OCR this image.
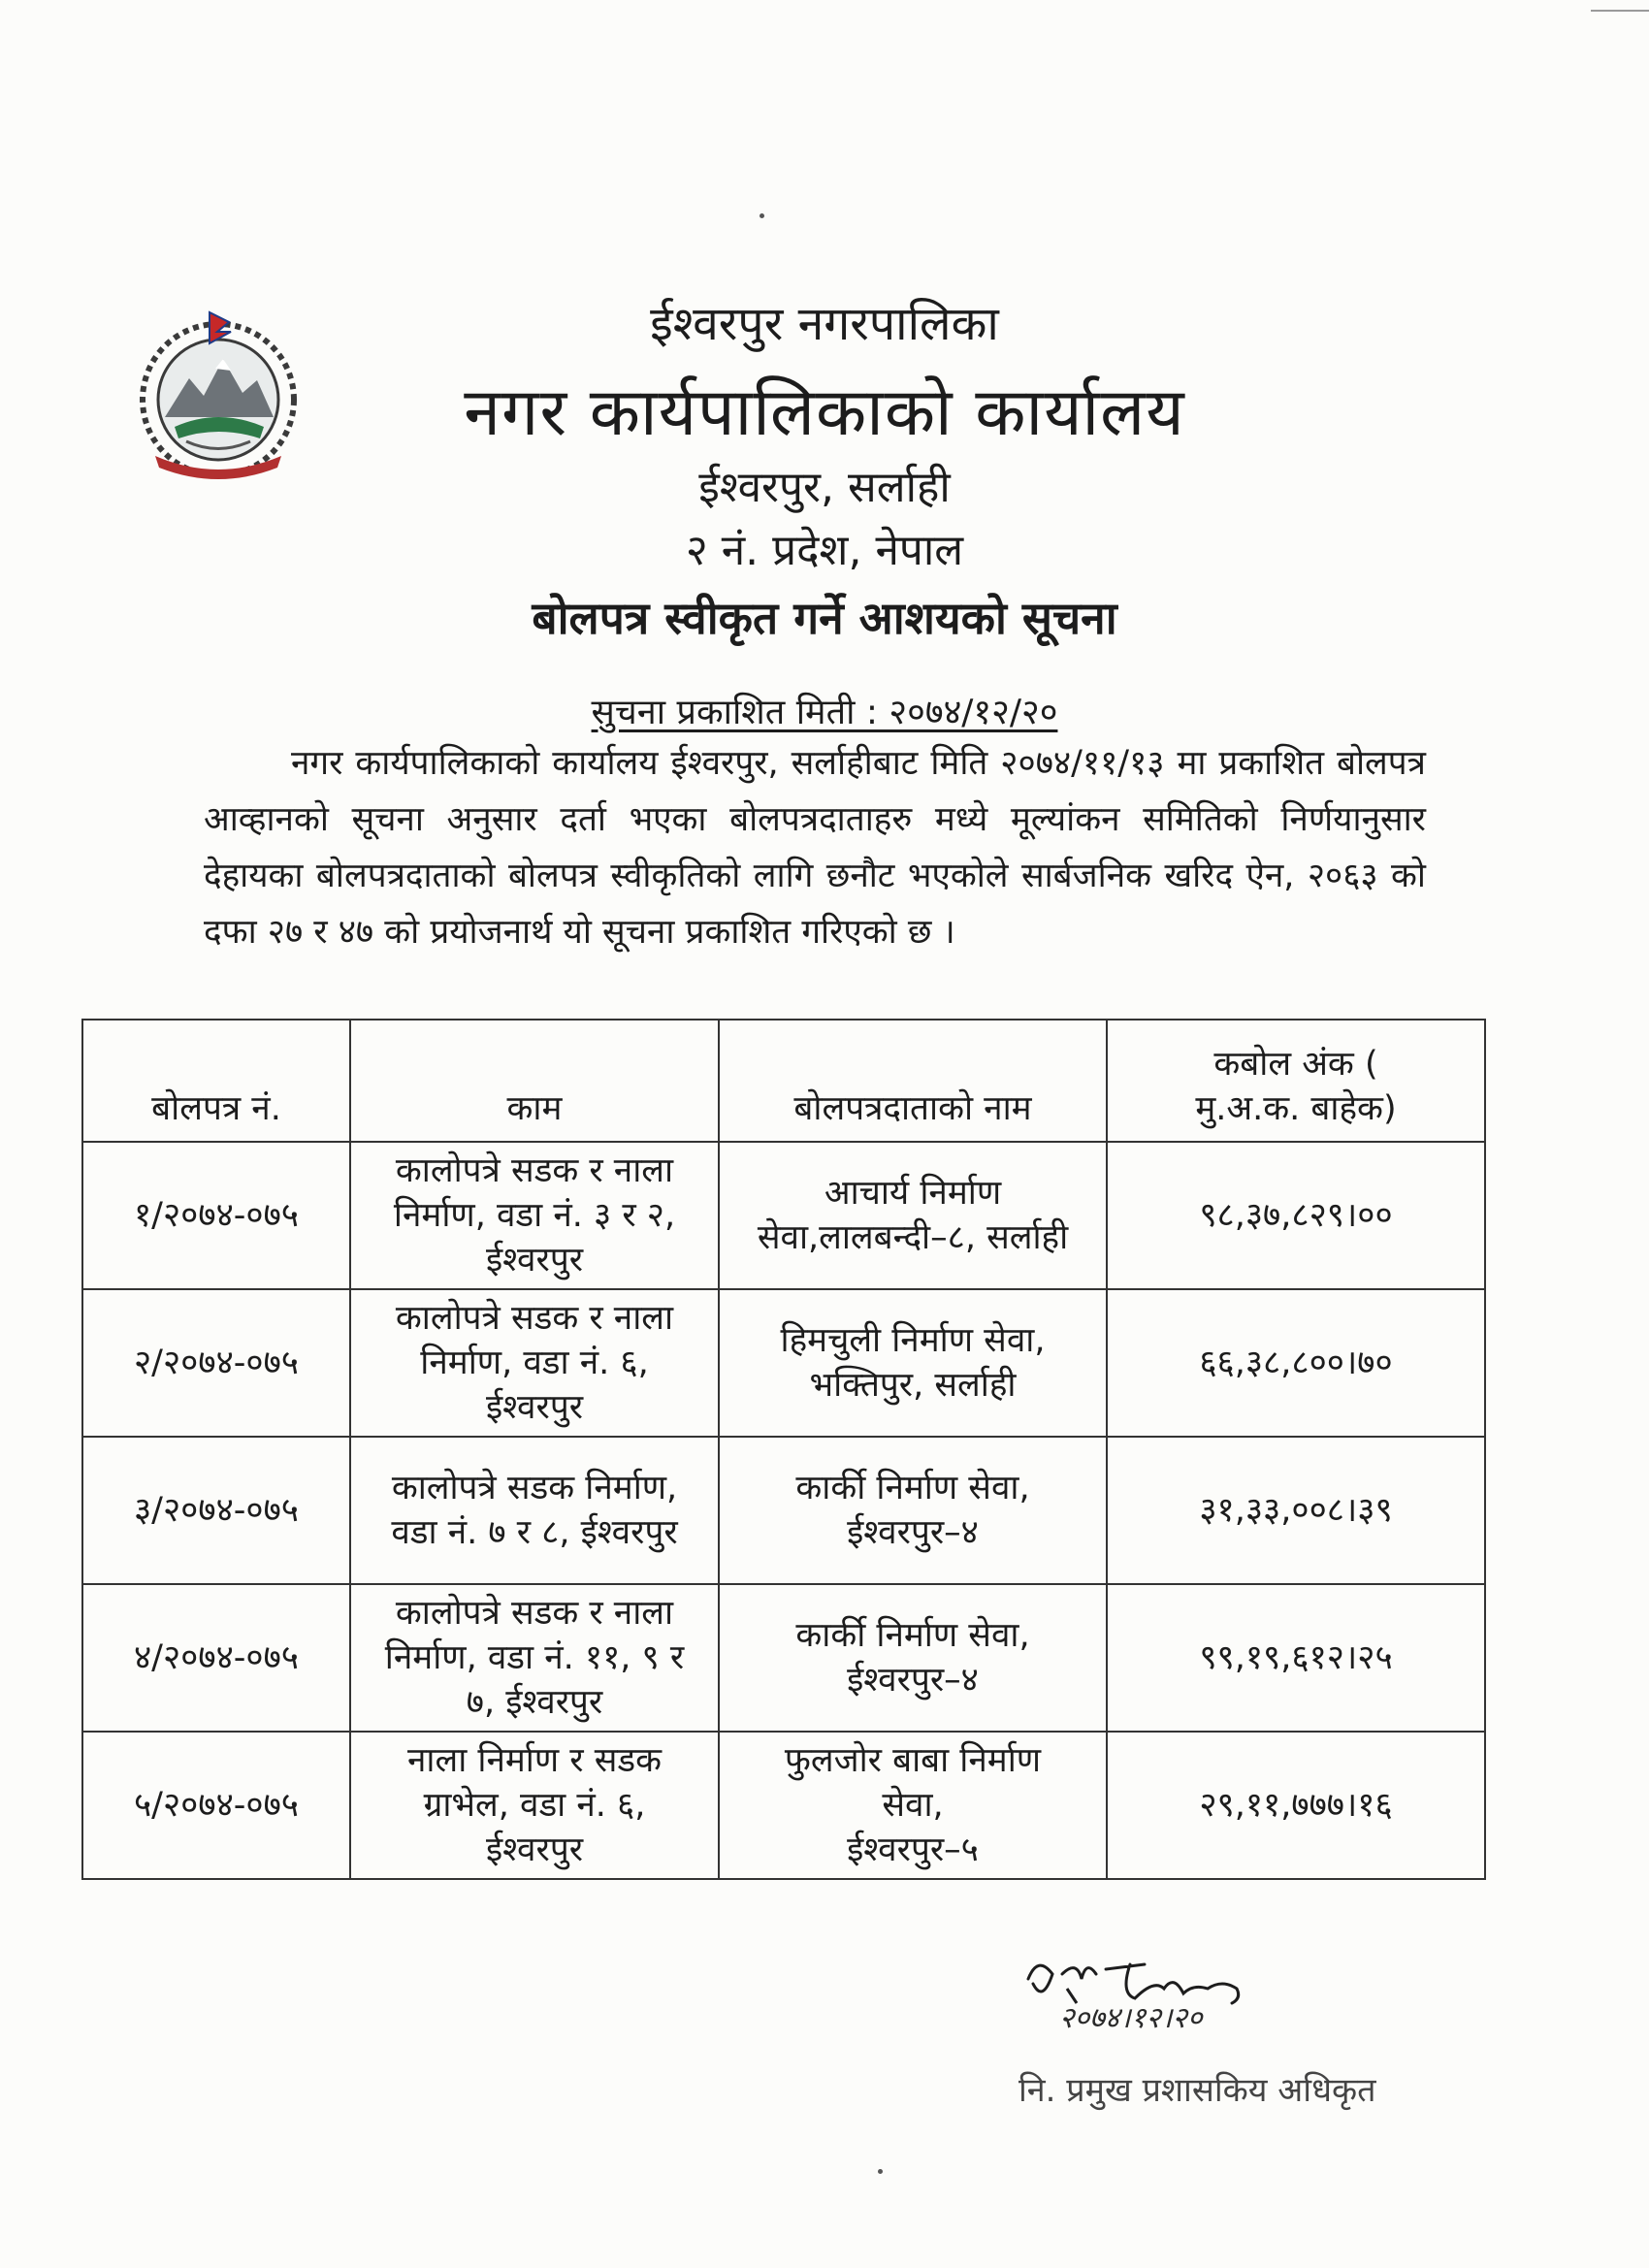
ईश्वरपुर नगरपालिका
नगर कार्यपालिकाको कार्यालय
ईश्वरपुर, सर्लाही
२ नं. प्रदेश, नेपाल
बोलपत्र स्वीकृत गर्ने आशयको सूचना
सुचना प्रकाशित मिती : २०७४/१२/२०
नगर कार्यपालिकाको कार्यालय ईश्वरपुर, सर्लाहीबाट मिति २०७४/११/१३ मा प्रकाशित बोलपत्र आव्हानको सूचना अनुसार दर्ता भएका बोलपत्रदाताहरु मध्ये मूल्यांकन समितिको निर्णयानुसार देहायका बोलपत्रदाताको बोलपत्र स्वीकृतिको लागि छनौट भएकोले सार्बजनिक खरिद ऐन, २०६३ को दफा २७ र ४७ को प्रयोजनार्थ यो सूचना प्रकाशित गरिएको छ ।
बोलपत्र नं.	काम	बोलपत्रदाताको नाम	कबोल अंक (
मु.अ.क. बाहेक)
१/२०७४-०७५	कालोपत्रे सडक र नाला
निर्माण, वडा नं. ३ र २,
ईश्वरपुर	आचार्य निर्माण
सेवा,लालबन्दी–८, सर्लाही	९८,३७,८२९।००
२/२०७४-०७५	कालोपत्रे सडक र नाला
निर्माण, वडा नं. ६,
ईश्वरपुर	हिमचुली निर्माण सेवा,
भक्तिपुर, सर्लाही	६६,३८,८००।७०
३/२०७४-०७५	कालोपत्रे सडक निर्माण,
वडा नं. ७ र ८, ईश्वरपुर	कार्की निर्माण सेवा,
ईश्वरपुर–४	३१,३३,००८।३९
४/२०७४-०७५	कालोपत्रे सडक र नाला
निर्माण, वडा नं. ११, ९ र
७, ईश्वरपुर	कार्की निर्माण सेवा,
ईश्वरपुर–४	९९,१९,६१२।२५
५/२०७४-०७५	नाला निर्माण र सडक
ग्राभेल, वडा नं. ६,
ईश्वरपुर	फुलजोर बाबा निर्माण
सेवा,
ईश्वरपुर–५	२९,११,७७७।१६
२०७४।१२।२०
नि. प्रमुख प्रशासकिय अधिकृत
